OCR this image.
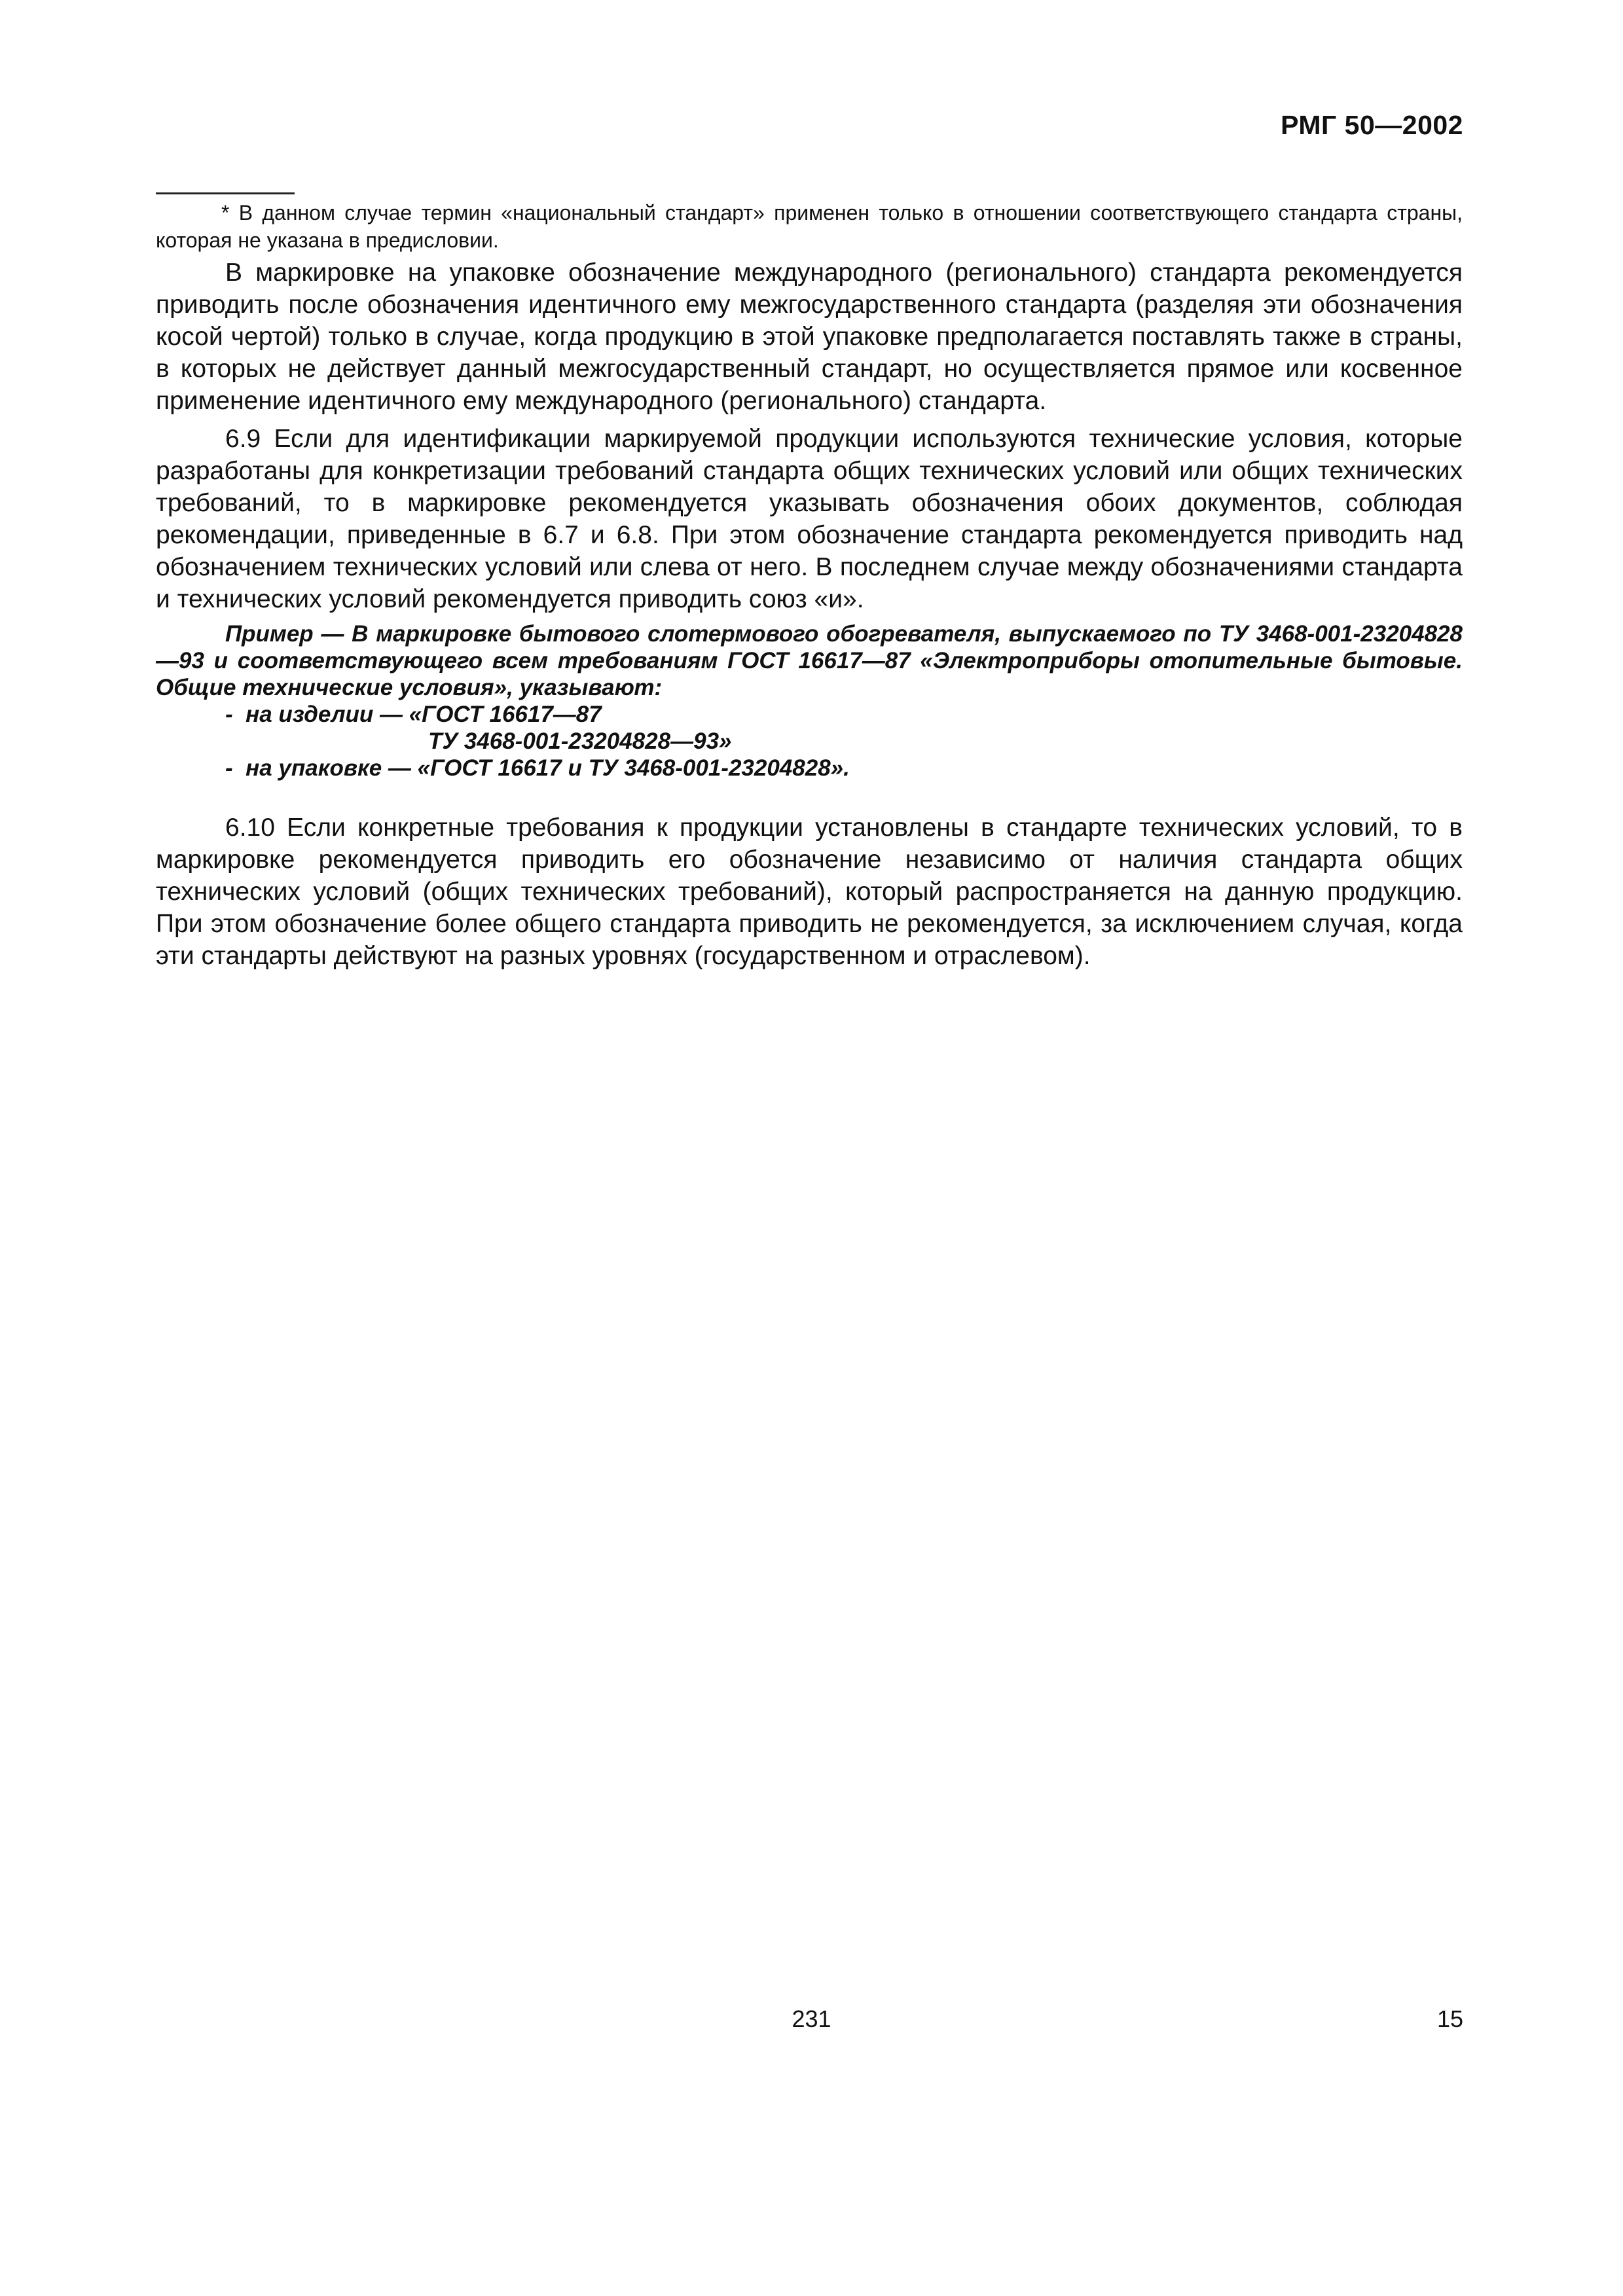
РМГ 50—2002
* В данном случае термин «национальный стандарт» применен только в отношении соответствующего стандарта страны, которая не указана в предисловии.

В маркировке на упаковке обозначение международного (регионального) стандарта рекомендуется приводить после обозначения идентичного ему межгосударственного стандарта (разделяя эти обозначения косой чертой) только в случае, когда продукцию в этой упаковке предполагается поставлять также в страны, в которых не действует данный межгосударственный стандарт, но осуществляется прямое или косвенное применение идентичного ему международного (регионального) стандарта.

6.9 Если для идентификации маркируемой продукции используются технические условия, которые разработаны для конкретизации требований стандарта общих технических условий или общих технических требований, то в маркировке рекомендуется указывать обозначения обоих документов, соблюдая рекомендации, приведенные в 6.7 и 6.8. При этом обозначение стандарта рекомендуется приводить над обозначением технических условий или слева от него. В последнем случае между обозначениями стандарта и технических условий рекомендуется приводить союз «и».

Пример — В маркировке бытового слотермового обогревателя, выпускаемого по ТУ 3468-001-23204828—93 и соответствующего всем требованиям ГОСТ 16617—87 «Электроприборы отопительные бытовые. Общие технические условия», указывают:

-  на изделии — «ГОСТ 16617—87

ТУ 3468-001-23204828—93»

-  на упаковке — «ГОСТ 16617 и ТУ 3468-001-23204828».

6.10 Если конкретные требования к продукции установлены в стандарте технических условий, то в маркировке рекомендуется приводить его обозначение независимо от наличия стандарта общих технических условий (общих технических требований), который распространяется на данную продукцию. При этом обозначение более общего стандарта приводить не рекомендуется, за исключением случая, когда эти стандарты действуют на разных уровнях (государственном и отраслевом).

231	15
